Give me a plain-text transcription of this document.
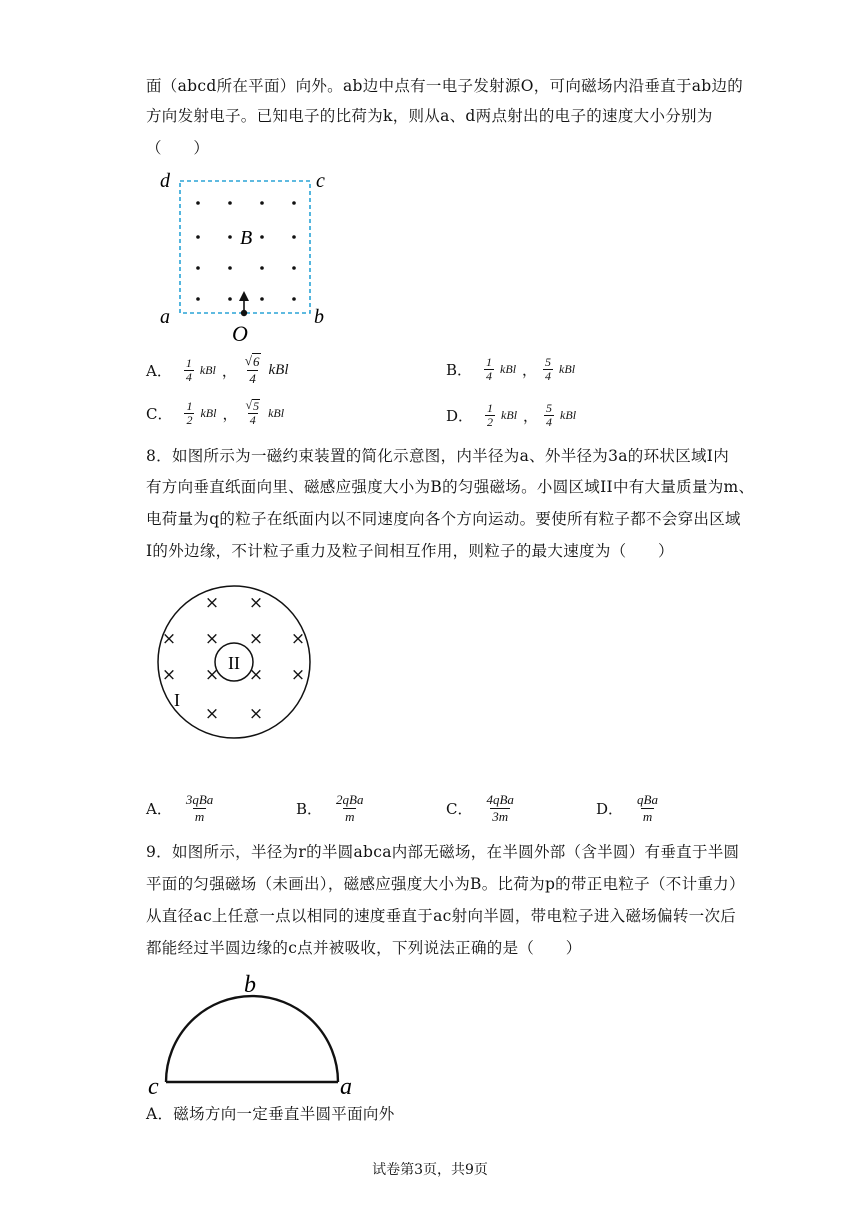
面（abcd所在平面）向外。ab边中点有一电子发射源O，可向磁场内沿垂直于ab边的
方向发射电子。已知电子的比荷为k，则从a、d两点射出的电子的速度大小分别为
（　　）
B
d	c
a	b
O
A． $\frac{1}{4}$ kBl ， $\frac{√ 6}{4}$ kBl	B． $\frac{1}{4}$ kBl ， $\frac{5}{4}$ kBl
C． $\frac{1}{2}$ kBl ， $\frac{√ 5}{4}$ kBl	D． $\frac{1}{2}$ kBl ， $\frac{5}{4}$ kBl
8．如图所示为一磁约束装置的简化示意图，内半径为a、外半径为3a的环状区域I内
有方向垂直纸面向里、磁感应强度大小为B的匀强磁场。小圆区域II中有大量质量为m、
电荷量为q的粒子在纸面内以不同速度向各个方向运动。要使所有粒子都不会穿出区域
I的外边缘，不计粒子重力及粒子间相互作用，则粒子的最大速度为（　　）
× ×
× × × ×
× × × ×
× ×
II
I
A． $\frac{\text{3qBa}}{m}$	B． $\frac{\text{2qBa}}{m}$	C． $\frac{\text{4qBa}}{3m}$	D． $\frac{\text{qBa}}{m}$
9．如图所示，半径为r的半圆abca内部无磁场，在半圆外部（含半圆）有垂直于半圆
平面的匀强磁场（未画出），磁感应强度大小为B。比荷为p的带正电粒子（不计重力）
从直径ac上任意一点以相同的速度垂直于ac射向半圆，带电粒子进入磁场偏转一次后
都能经过半圆边缘的c点并被吸收，下列说法正确的是（　　）
b
c	a
A．磁场方向一定垂直半圆平面向外
试卷第3页，共9页
